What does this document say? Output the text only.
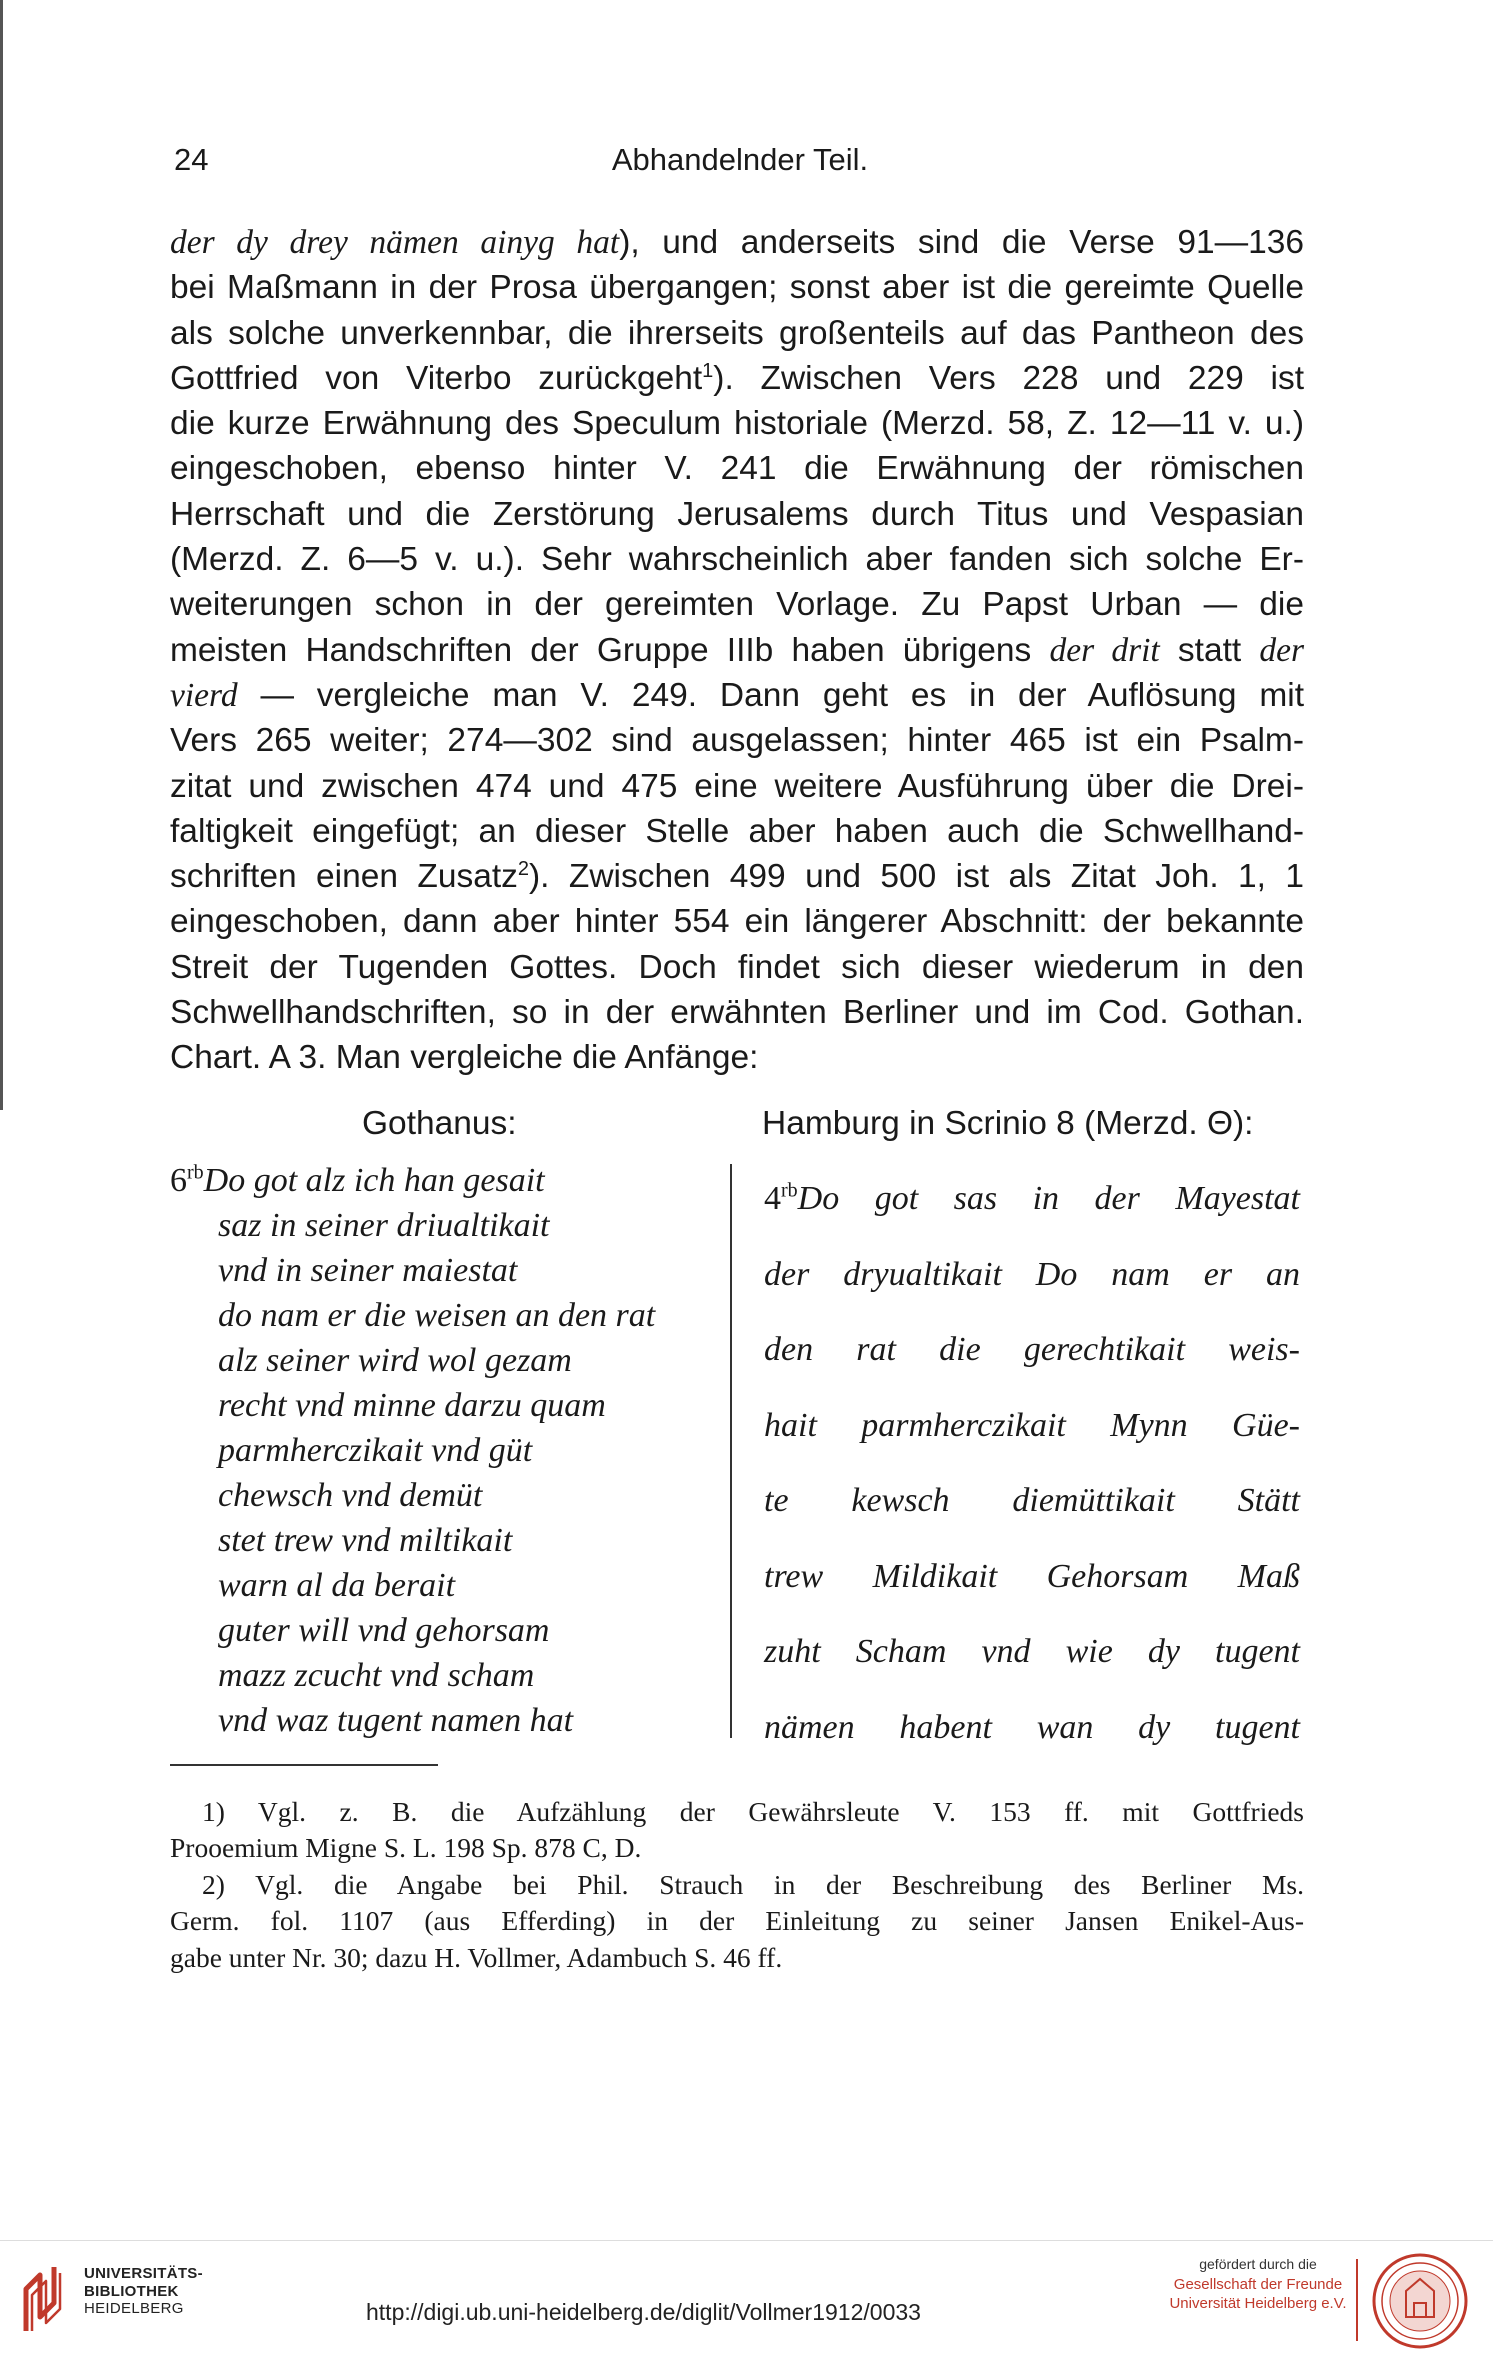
24	Abhandelnder Teil.
der dy drey nämen ainyg hat), und anderseits sind die Verse 91—136
bei Maßmann in der Prosa übergangen; sonst aber ist die gereimte Quelle
als solche unverkennbar, die ihrerseits großenteils auf das Pantheon des
Gottfried von Viterbo zurückgeht$^1$). Zwischen Vers 228 und 229 ist
die kurze Erwähnung des Speculum historiale (Merzd. 58, Z. 12—11 v. u.)
eingeschoben, ebenso hinter V. 241 die Erwähnung der römischen
Herrschaft und die Zerstörung Jerusalems durch Titus und Vespasian
(Merzd. Z. 6—5 v. u.). Sehr wahrscheinlich aber fanden sich solche Er-
weiterungen schon in der gereimten Vorlage. Zu Papst Urban — die
meisten Handschriften der Gruppe IIIb haben übrigens der drit statt der
vierd — vergleiche man V. 249. Dann geht es in der Auflösung mit
Vers 265 weiter; 274—302 sind ausgelassen; hinter 465 ist ein Psalm-
zitat und zwischen 474 und 475 eine weitere Ausführung über die Drei-
faltigkeit eingefügt; an dieser Stelle aber haben auch die Schwellhand-
schriften einen Zusatz$^2$). Zwischen 499 und 500 ist als Zitat Joh. 1, 1
eingeschoben, dann aber hinter 554 ein längerer Abschnitt: der bekannte
Streit der Tugenden Gottes. Doch findet sich dieser wiederum in den
Schwellhandschriften, so in der erwähnten Berliner und im Cod. Gothan.
Chart. A 3. Man vergleiche die Anfänge:
Gothanus:	Hamburg in Scrinio 8 (Merzd. Θ):
$6^{rb}Do$ got alz ich han gesait
saz in seiner driualtikait
vnd in seiner maiestat
do nam er die weisen an den rat
alz seiner wird wol gezam
recht vnd minne darzu quam
parmherczikait vnd güt
chewsch vnd demüt
stet trew vnd miltikait
warn al da berait
guter will vnd gehorsam
mazz zcucht vnd scham
vnd waz tugent namen hat
$4^{rb}Do$ got sas in der Mayestat
der dryualtikait Do nam er an
den rat die gerechtikait weis-
hait parmherczikait Mynn Güe-
te kewsch diemüttikait Stätt
trew Mildikait Gehorsam Maß
zuht Scham vnd wie dy tugent
nämen habent wan dy tugent
1) Vgl. z. B. die Aufzählung der Gewährsleute V. 153 ff. mit Gottfrieds
Prooemium Migne S. L. 198 Sp. 878 C, D.
2) Vgl. die Angabe bei Phil. Strauch in der Beschreibung des Berliner Ms.
Germ. fol. 1107 (aus Efferding) in der Einleitung zu seiner Jansen Enikel-Aus-
gabe unter Nr. 30; dazu H. Vollmer, Adambuch S. 46 ff.
UNIVERSITÄTS-
BIBLIOTHEK
HEIDELBERG	http://digi.ub.uni-heidelberg.de/diglit/Vollmer1912/0033
gefördert durch die
Gesellschaft der Freunde
Universität Heidelberg e.V.
